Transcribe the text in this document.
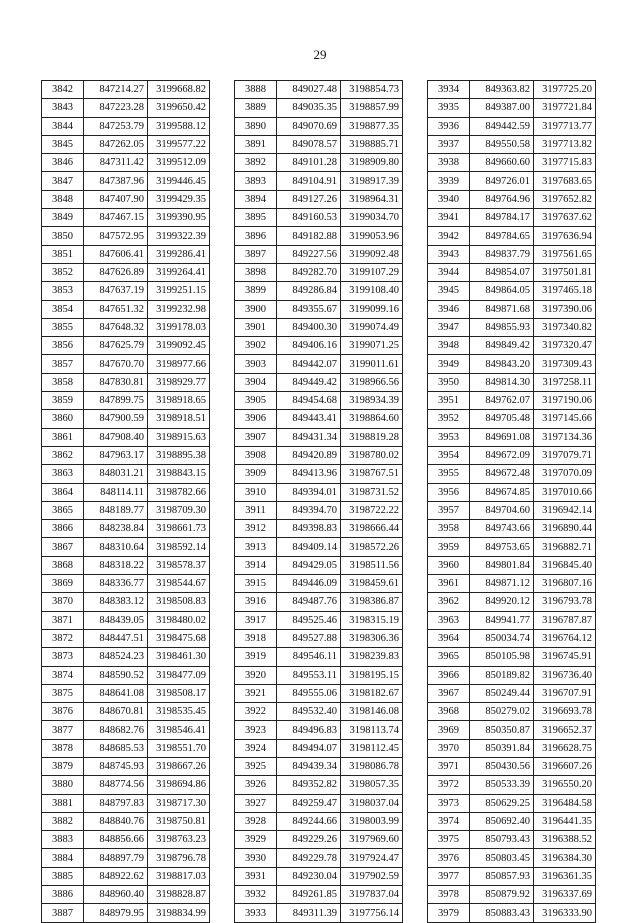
29
3842	847214.27	3199668.82
3843	847223.28	3199650.42
3844	847253.79	3199588.12
3845	847262.05	3199577.22
3846	847311.42	3199512.09
3847	847387.96	3199446.45
3848	847407.90	3199429.35
3849	847467.15	3199390.95
3850	847572.95	3199322.39
3851	847606.41	3199286.41
3852	847626.89	3199264.41
3853	847637.19	3199251.15
3854	847651.32	3199232.98
3855	847648.32	3199178.03
3856	847625.79	3199092.45
3857	847670.70	3198977.66
3858	847830.81	3198929.77
3859	847899.75	3198918.65
3860	847900.59	3198918.51
3861	847908.40	3198915.63
3862	847963.17	3198895.38
3863	848031.21	3198843.15
3864	848114.11	3198782.66
3865	848189.77	3198709.30
3866	848238.84	3198661.73
3867	848310.64	3198592.14
3868	848318.22	3198578.37
3869	848336.77	3198544.67
3870	848383.12	3198508.83
3871	848439.05	3198480.02
3872	848447.51	3198475.68
3873	848524.23	3198461.30
3874	848590.52	3198477.09
3875	848641.08	3198508.17
3876	848670.81	3198535.45
3877	848682.76	3198546.41
3878	848685.53	3198551.70
3879	848745.93	3198667.26
3880	848774.56	3198694.86
3881	848797.83	3198717.30
3882	848840.76	3198750.81
3883	848856.66	3198763.23
3884	848897.79	3198796.78
3885	848922.62	3198817.03
3886	848960.40	3198828.87
3887	848979.95	3198834.99
3888	849027.48	3198854.73
3889	849035.35	3198857.99
3890	849070.69	3198877.35
3891	849078.57	3198885.71
3892	849101.28	3198909.80
3893	849104.91	3198917.39
3894	849127.26	3198964.31
3895	849160.53	3199034.70
3896	849182.88	3199053.96
3897	849227.56	3199092.48
3898	849282.70	3199107.29
3899	849286.84	3199108.40
3900	849355.67	3199099.16
3901	849400.30	3199074.49
3902	849406.16	3199071.25
3903	849442.07	3199011.61
3904	849449.42	3198966.56
3905	849454.68	3198934.39
3906	849443.41	3198864.60
3907	849431.34	3198819.28
3908	849420.89	3198780.02
3909	849413.96	3198767.51
3910	849394.01	3198731.52
3911	849394.70	3198722.22
3912	849398.83	3198666.44
3913	849409.14	3198572.26
3914	849429.05	3198511.56
3915	849446.09	3198459.61
3916	849487.76	3198386.87
3917	849525.46	3198315.19
3918	849527.88	3198306.36
3919	849546.11	3198239.83
3920	849553.11	3198195.15
3921	849555.06	3198182.67
3922	849532.40	3198146.08
3923	849496.83	3198113.74
3924	849494.07	3198112.45
3925	849439.34	3198086.78
3926	849352.82	3198057.35
3927	849259.47	3198037.04
3928	849244.66	3198003.99
3929	849229.26	3197969.60
3930	849229.78	3197924.47
3931	849230.04	3197902.59
3932	849261.85	3197837.04
3933	849311.39	3197756.14
3934	849363.82	3197725.20
3935	849387.00	3197721.84
3936	849442.59	3197713.77
3937	849550.58	3197713.82
3938	849660.60	3197715.83
3939	849726.01	3197683.65
3940	849764.96	3197652.82
3941	849784.17	3197637.62
3942	849784.65	3197636.94
3943	849837.79	3197561.65
3944	849854.07	3197501.81
3945	849864.05	3197465.18
3946	849871.68	3197390.06
3947	849855.93	3197340.82
3948	849849.42	3197320.47
3949	849843.20	3197309.43
3950	849814.30	3197258.11
3951	849762.07	3197190.06
3952	849705.48	3197145.66
3953	849691.08	3197134.36
3954	849672.09	3197079.71
3955	849672.48	3197070.09
3956	849674.85	3197010.66
3957	849704.60	3196942.14
3958	849743.66	3196890.44
3959	849753.65	3196882.71
3960	849801.84	3196845.40
3961	849871.12	3196807.16
3962	849920.12	3196793.78
3963	849941.77	3196787.87
3964	850034.74	3196764.12
3965	850105.98	3196745.91
3966	850189.82	3196736.40
3967	850249.44	3196707.91
3968	850279.02	3196693.78
3969	850350.87	3196652.37
3970	850391.84	3196628.75
3971	850430.56	3196607.26
3972	850533.39	3196550.20
3973	850629.25	3196484.58
3974	850692.40	3196441.35
3975	850793.43	3196388.52
3976	850803.45	3196384.30
3977	850857.93	3196361.35
3978	850879.92	3196337.69
3979	850883.43	3196333.90
